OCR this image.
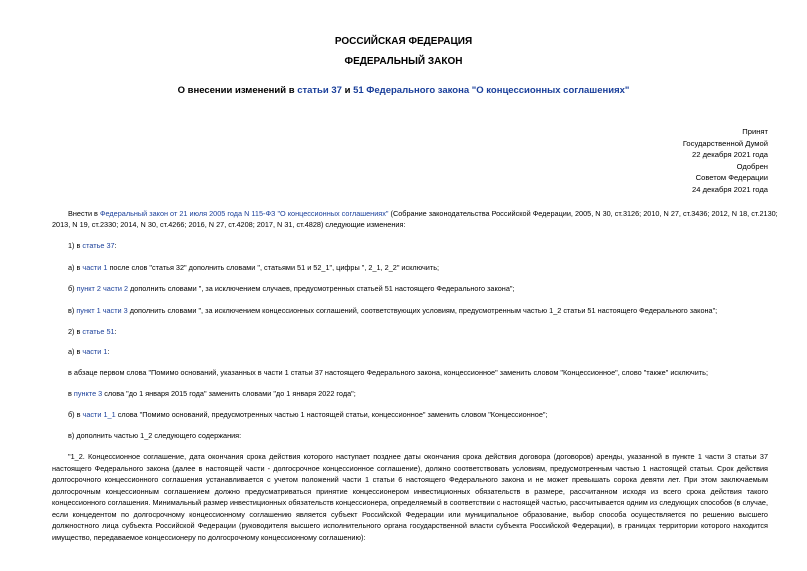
РОССИЙСКАЯ ФЕДЕРАЦИЯ
ФЕДЕРАЛЬНЫЙ ЗАКОН
О внесении изменений в статьи 37 и 51 Федерального закона "О концессионных соглашениях"
Принят
Государственной Думой
22 декабря 2021 года
Одобрен
Советом Федерации
24 декабря 2021 года
Внести в Федеральный закон от 21 июля 2005 года N 115-ФЗ "О концессионных соглашениях" (Собрание законодательства Российской Федерации, 2005, N 30, ст.3126; 2010, N 27, ст.3436; 2012, N 18, ст.2130;
2013, N 19, ст.2330; 2014, N 30, ст.4266; 2016, N 27, ст.4208; 2017, N 31, ст.4828) следующие изменения:
1) в статье 37:
а) в части 1 после слов "статья 32" дополнить словами ", статьями 51 и 52_1", цифры ", 2_1, 2_2" исключить;
б) пункт 2 части 2 дополнить словами ", за исключением случаев, предусмотренных статьей 51 настоящего Федерального закона";
в) пункт 1 части 3 дополнить словами ", за исключением концессионных соглашений, соответствующих условиям, предусмотренным частью 1_2 статьи 51 настоящего Федерального закона";
2) в статье 51:
а) в части 1:
в абзаце первом слова "Помимо оснований, указанных в части 1 статьи 37 настоящего Федерального закона, концессионное" заменить словом "Концессионное", слово "также" исключить;
в пункте 3 слова "до 1 января 2015 года" заменить словами "до 1 января 2022 года";
б) в части 1_1 слова "Помимо оснований, предусмотренных частью 1 настоящей статьи, концессионное" заменить словом "Концессионное";
в) дополнить частью 1_2 следующего содержания:
"1_2. Концессионное соглашение, дата окончания срока действия которого наступает позднее даты окончания срока действия договора (договоров) аренды, указанной в пункте 1 части 3 статьи 37 настоящего Федерального закона (далее в настоящей части - долгосрочное концессионное соглашение), должно соответствовать условиям, предусмотренным частью 1 настоящей статьи. Срок действия долгосрочного концессионного соглашения устанавливается с учетом положений части 1 статьи 6 настоящего Федерального закона и не может превышать сорока девяти лет. При этом заключаемым долгосрочным концессионным соглашением должно предусматриваться принятие концессионером инвестиционных обязательств в размере, рассчитанном исходя из всего срока действия такого концессионного соглашения. Минимальный размер инвестиционных обязательств концессионера, определяемый в соответствии с настоящей частью, рассчитывается одним из следующих способов (в случае, если концедентом по долгосрочному концессионному соглашению является субъект Российской Федерации или муниципальное образование, выбор способа осуществляется по решению высшего должностного лица субъекта Российской Федерации (руководителя высшего исполнительного органа государственной власти субъекта Российской Федерации), в границах территории которого находится имущество, передаваемое концессионеру по долгосрочному концессионному соглашению):
